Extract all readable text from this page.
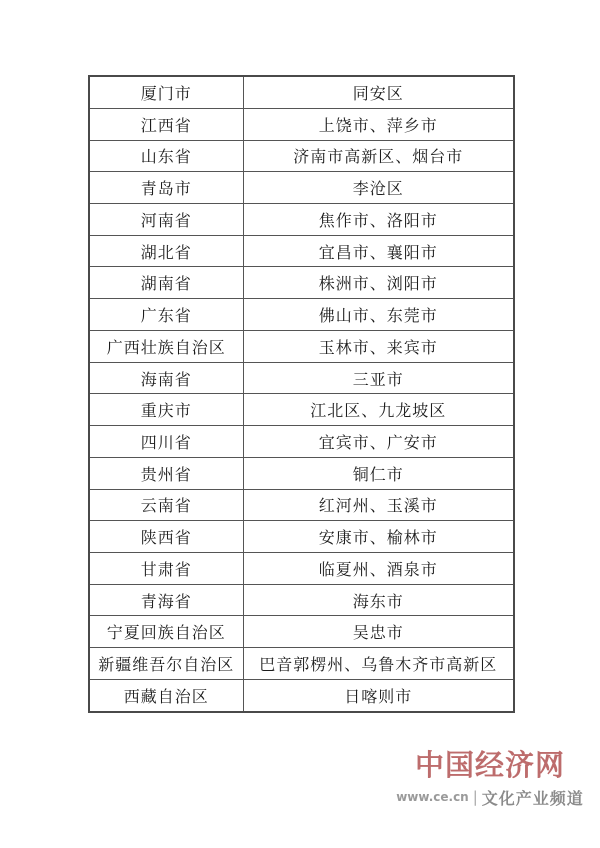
厦门市	同安区
江西省	上饶市、萍乡市
山东省	济南市高新区、烟台市
青岛市	李沧区
河南省	焦作市、洛阳市
湖北省	宜昌市、襄阳市
湖南省	株洲市、浏阳市
广东省	佛山市、东莞市
广西壮族自治区	玉林市、来宾市
海南省	三亚市
重庆市	江北区、九龙坡区
四川省	宜宾市、广安市
贵州省	铜仁市
云南省	红河州、玉溪市
陕西省	安康市、榆林市
甘肃省	临夏州、酒泉市
青海省	海东市
宁夏回族自治区	吴忠市
新疆维吾尔自治区	巴音郭楞州、乌鲁木齐市高新区
西藏自治区	日喀则市
中国经济网
www.ce.cn | 文化产业频道
